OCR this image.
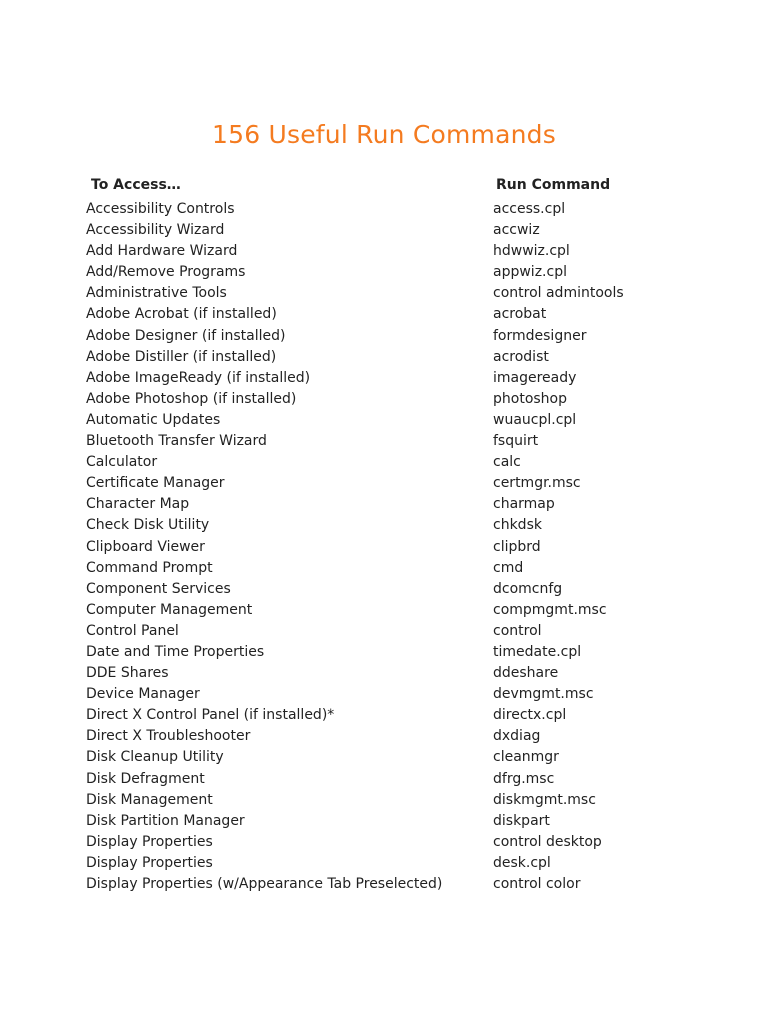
156 Useful Run Commands
To Access…	Run Command
Accessibility Controls	access.cpl
Accessibility Wizard	accwiz
Add Hardware Wizard	hdwwiz.cpl
Add/Remove Programs	appwiz.cpl
Administrative Tools	control admintools
Adobe Acrobat (if installed)	acrobat
Adobe Designer (if installed)	formdesigner
Adobe Distiller (if installed)	acrodist
Adobe ImageReady (if installed)	imageready
Adobe Photoshop (if installed)	photoshop
Automatic Updates	wuaucpl.cpl
Bluetooth Transfer Wizard	fsquirt
Calculator	calc
Certificate Manager	certmgr.msc
Character Map	charmap
Check Disk Utility	chkdsk
Clipboard Viewer	clipbrd
Command Prompt	cmd
Component Services	dcomcnfg
Computer Management	compmgmt.msc
Control Panel	control
Date and Time Properties	timedate.cpl
DDE Shares	ddeshare
Device Manager	devmgmt.msc
Direct X Control Panel (if installed)*	directx.cpl
Direct X Troubleshooter	dxdiag
Disk Cleanup Utility	cleanmgr
Disk Defragment	dfrg.msc
Disk Management	diskmgmt.msc
Disk Partition Manager	diskpart
Display Properties	control desktop
Display Properties	desk.cpl
Display Properties (w/Appearance Tab Preselected)	control color
